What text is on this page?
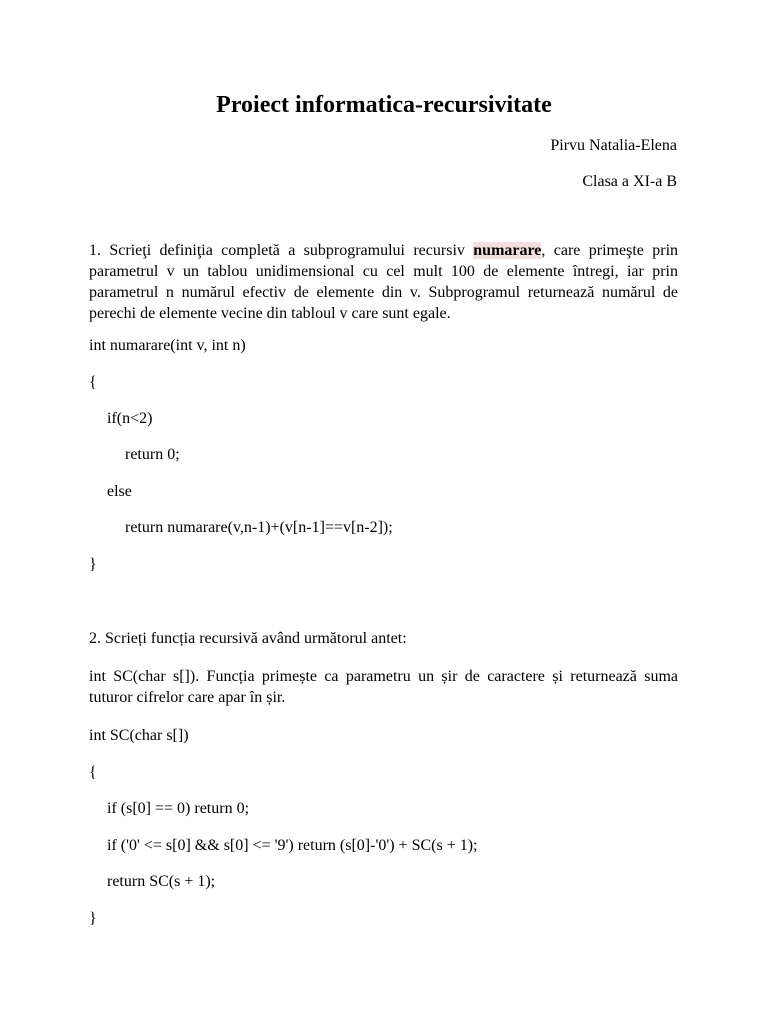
Proiect informatica-recursivitate

Pirvu Natalia-Elena

Clasa a XI-a B

1. Scrieţi definiţia completă a subprogramului recursiv numarare, care primeşte prin parametrul v un tablou unidimensional cu cel mult 100 de elemente întregi, iar prin parametrul n numărul efectiv de elemente din v. Subprogramul returnează numărul de perechi de elemente vecine din tabloul v care sunt egale.

int numarare(int v, int n)

{

if(n<2)

return 0;

else

return numarare(v,n-1)+(v[n-1]==v[n-2]);

}

2. Scrieți funcția recursivă având următorul antet:

int SC(char s[]). Funcția primește ca parametru un șir de caractere și returnează suma tuturor cifrelor care apar în șir.

int SC(char s[])

{

if (s[0] == 0) return 0;

if ('0' <= s[0] && s[0] <= '9') return (s[0]-'0') + SC(s + 1);

return SC(s + 1);

}
